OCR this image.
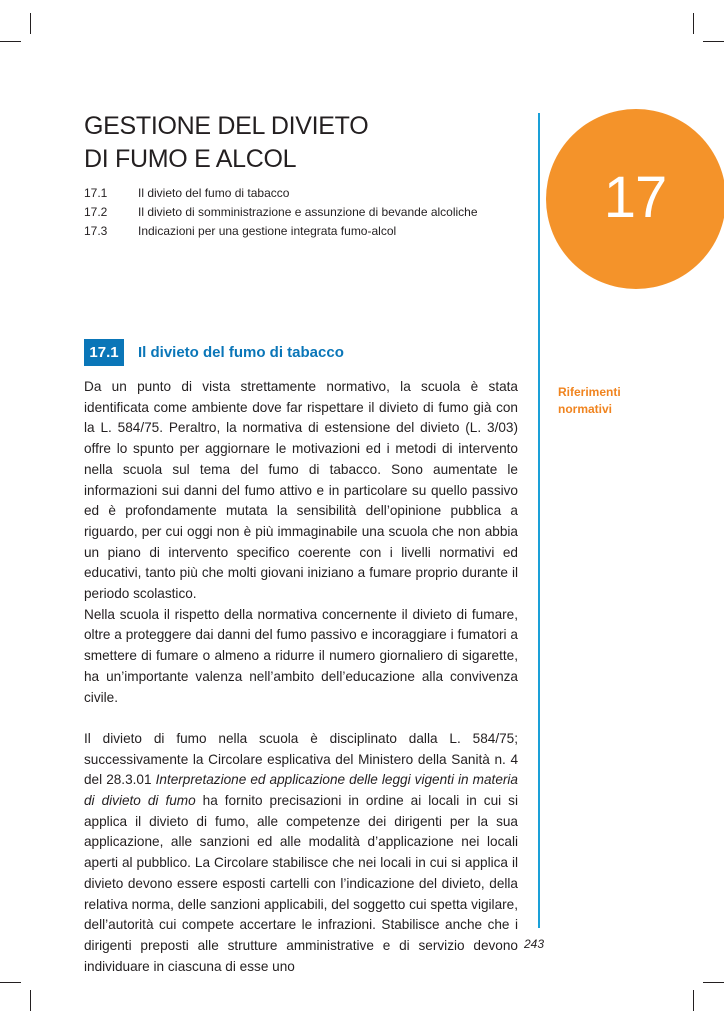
GESTIONE DEL DIVIETO
DI FUMO E ALCOL
17.1	Il divieto del fumo di tabacco
17.2	Il divieto di somministrazione e assunzione di bevande alcoliche
17.3	Indicazioni per una gestione integrata fumo-alcol
17
17.1	Il divieto del fumo di tabacco
Riferimenti
normativi

Da un punto di vista strettamente normativo, la scuola è stata identificata come ambiente dove far rispettare il divieto di fumo già con la L. 584/75. Peraltro, la normativa di estensione del divieto (L. 3/03) offre lo spunto per aggiornare le motivazioni ed i metodi di intervento nella scuola sul tema del fumo di tabacco. Sono aumentate le informazioni sui danni del fumo attivo e in particolare su quello passivo ed è profondamente mutata la sensibilità dell’opinione pubblica a riguardo, per cui oggi non è più immaginabile una scuola che non abbia un piano di intervento specifico coerente con i livelli normativi ed educativi, tanto più che molti giovani iniziano a fumare proprio durante il periodo scolastico.

Nella scuola il rispetto della normativa concernente il divieto di fumare, oltre a proteggere dai danni del fumo passivo e incoraggiare i fumatori a smettere di fumare o almeno a ridurre il numero giornaliero di sigarette, ha un’importante valenza nell’ambito dell’educazione alla convivenza civile.

Il divieto di fumo nella scuola è disciplinato dalla L. 584/75; successivamente la Circolare esplicativa del Ministero della Sanità n. 4 del 28.3.01 Interpretazione ed applicazione delle leggi vigenti in materia di divieto di fumo ha fornito precisazioni in ordine ai locali in cui si applica il divieto di fumo, alle competenze dei dirigenti per la sua applicazione, alle sanzioni ed alle modalità d’applicazione nei locali aperti al pubblico. La Circolare stabilisce che nei locali in cui si applica il divieto devono essere esposti cartelli con l’indicazione del divieto, della relativa norma, delle sanzioni applicabili, del soggetto cui spetta vigilare, dell’autorità cui compete accertare le infrazioni. Stabilisce anche che i dirigenti preposti alle strutture amministrative e di servizio devono individuare in ciascuna di esse uno

243
